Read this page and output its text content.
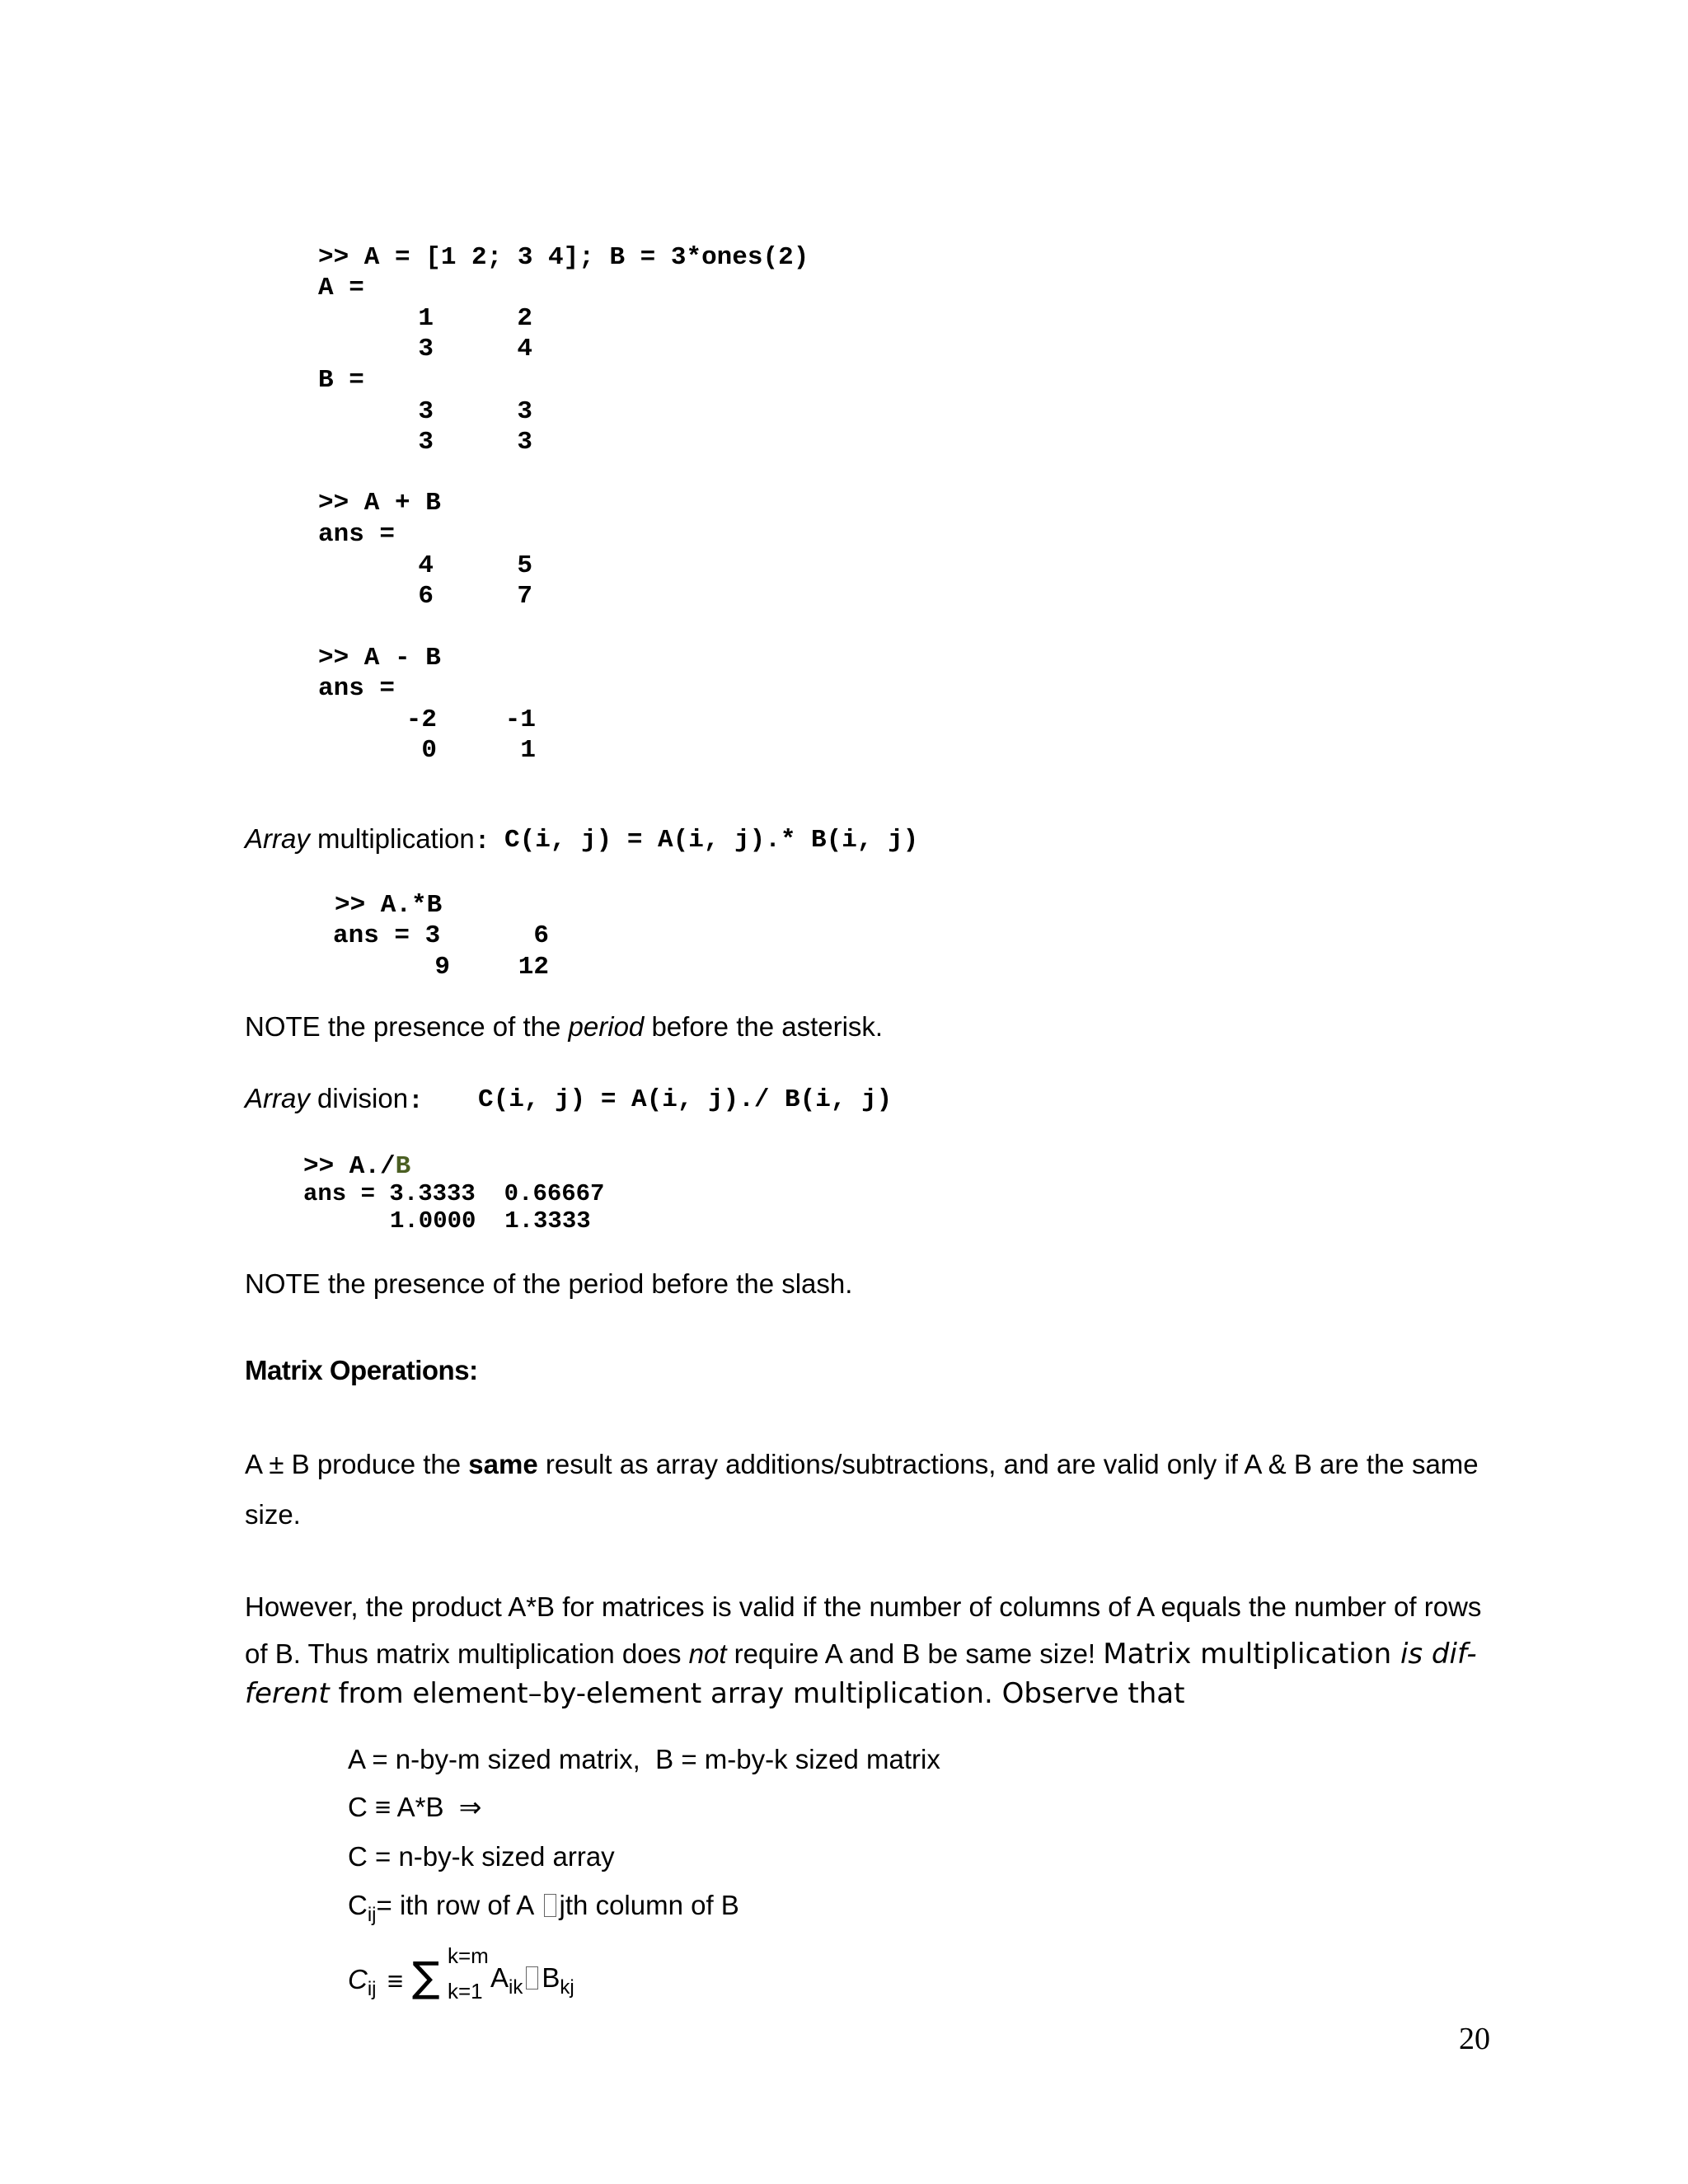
>> A = [1 2; 3 4]; B = 3*ones(2)
A =
1	2
3	4
B =
3	3
3	3
>> A + B
ans =
4	5
6	7
>> A - B
ans =
-2	-1
0	1
Array multiplication: C(i, j) = A(i, j).* B(i, j)
>> A.*B
ans = 3	6
9	12
NOTE the presence of the period before the asterisk.
Array division: C(i, j) = A(i, j)./ B(i, j)
>> A./B
ans = 3.3333  0.66667
1.0000  1.3333
NOTE the presence of the period before the slash.
Matrix Operations:
A ± B produce the same result as array additions/subtractions, and are valid only if A & B are the same
size.
However, the product A*B for matrices is valid if the number of columns of A equals the number of rows
of B. Thus matrix multiplication does not require A and B be same size! Matrix multiplication is dif-
ferent from element–by-element array multiplication. Observe that
A = n-by-m sized matrix,  B = m-by-k sized matrix
C ≡ A*B  ⇒
C = n-by-k sized array
$C_{ij}=$ ith row of A jth column of B
$C_{ij}$ ≡ ∑ k=m
k=1 $A_{ik}$ $B_{kj}$
20
